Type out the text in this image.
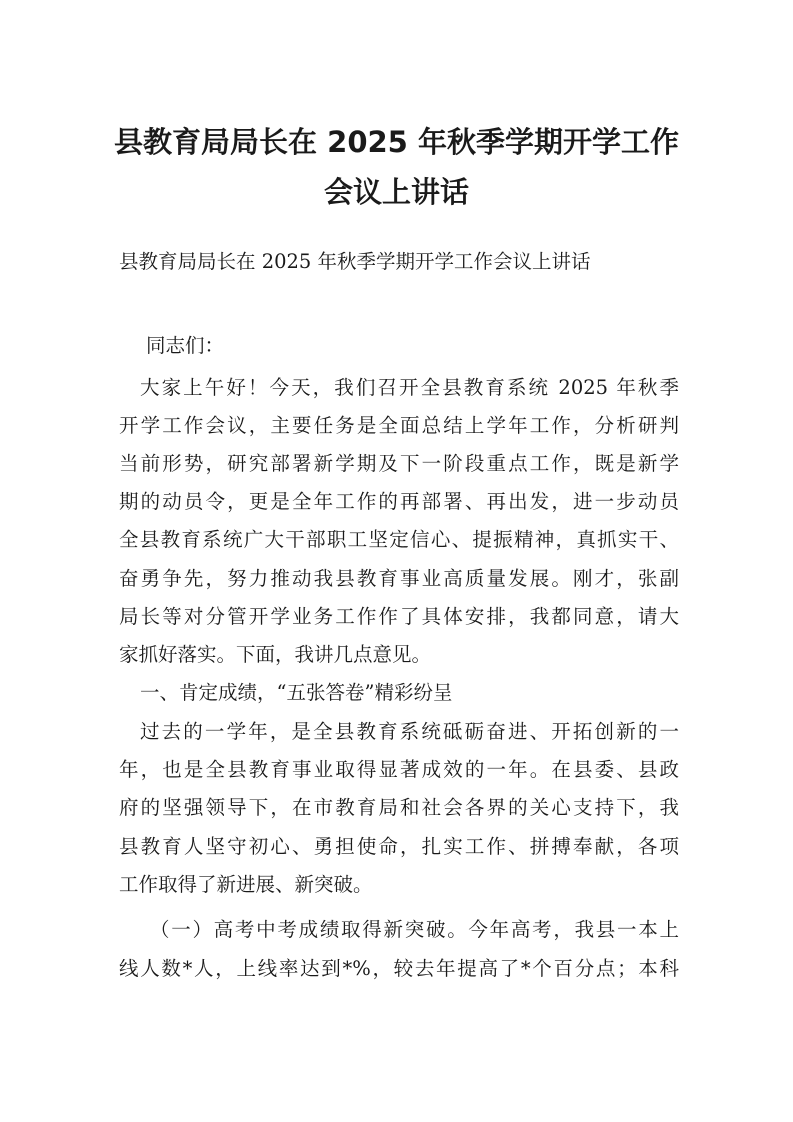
县教育局局长在 2025 年秋季学期开学工作
会议上讲话
县教育局局长在 2025 年秋季学期开学工作会议上讲话
同志们：
大家上午好！今天，我们召开全县教育系统 2025 年秋季
开学工作会议，主要任务是全面总结上学年工作，分析研判
当前形势，研究部署新学期及下一阶段重点工作，既是新学
期的动员令，更是全年工作的再部署、再出发，进一步动员
全县教育系统广大干部职工坚定信心、提振精神，真抓实干、
奋勇争先，努力推动我县教育事业高质量发展。刚才，张副
局长等对分管开学业务工作作了具体安排，我都同意，请大
家抓好落实。下面，我讲几点意见。
一、肯定成绩，“五张答卷”精彩纷呈
过去的一学年，是全县教育系统砥砺奋进、开拓创新的一
年，也是全县教育事业取得显著成效的一年。在县委、县政
府的坚强领导下，在市教育局和社会各界的关心支持下，我
县教育人坚守初心、勇担使命，扎实工作、拼搏奉献，各项
工作取得了新进展、新突破。
（一）高考中考成绩取得新突破。今年高考，我县一本上
线人数*人，上线率达到*%，较去年提高了*个百分点；本科
